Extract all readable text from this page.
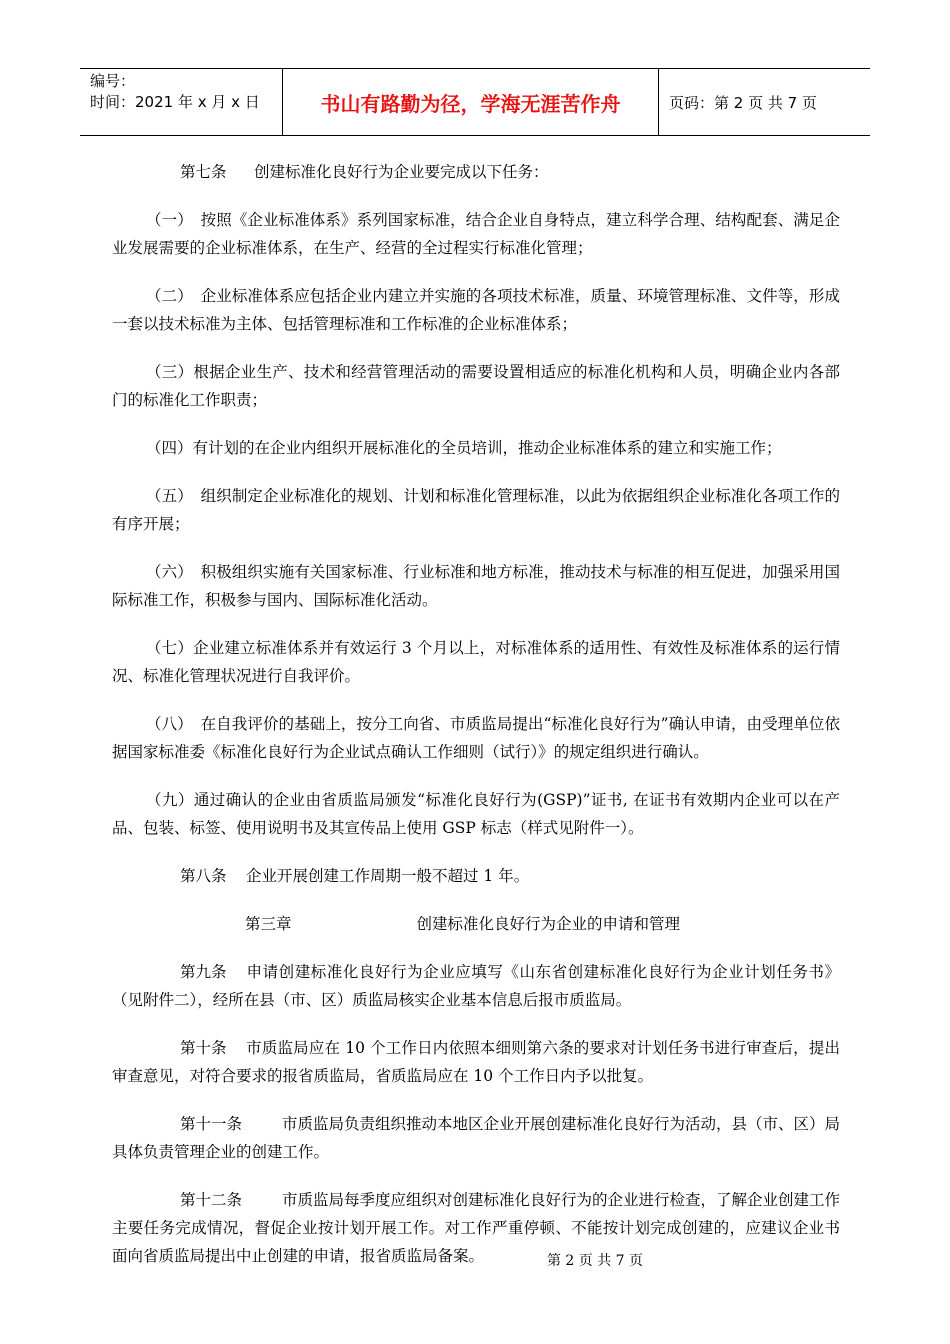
编号：
时间：2021 年 x 月 x 日	书山有路勤为径，学海无涯苦作舟	页码：第 2 页 共 7 页

第七条 创建标准化良好行为企业要完成以下任务：

（一）　按照《企业标准体系》系列国家标准，结合企业自身特点，建立科学合理、结构配套、满足企业发展需要的企业标准体系，在生产、经营的全过程实行标准化管理；

（二）　企业标准体系应包括企业内建立并实施的各项技术标准，质量、环境管理标准、文件等，形成一套以技术标准为主体、包括管理标准和工作标准的企业标准体系；

（三）根据企业生产、技术和经营管理活动的需要设置相适应的标准化机构和人员，明确企业内各部门的标准化工作职责；

（四）有计划的在企业内组织开展标准化的全员培训，推动企业标准体系的建立和实施工作；

（五）　组织制定企业标准化的规划、计划和标准化管理标准，以此为依据组织企业标准化各项工作的有序开展；

（六）　积极组织实施有关国家标准、行业标准和地方标准，推动技术与标准的相互促进，加强采用国际标准工作，积极参与国内、国际标准化活动。

（七）企业建立标准体系并有效运行 3 个月以上，对标准体系的适用性、有效性及标准体系的运行情况、标准化管理状况进行自我评价。

（八）　在自我评价的基础上，按分工向省、市质监局提出“标准化良好行为”确认申请，由受理单位依据国家标准委《标准化良好行为企业试点确认工作细则（试行）》的规定组织进行确认。

（九）通过确认的企业由省质监局颁发“标准化良好行为(GSP)”证书, 在证书有效期内企业可以在产品、包装、标签、使用说明书及其宣传品上使用 GSP 标志（样式见附件一）。

第八条 企业开展创建工作周期一般不超过 1 年。

第三章	创建标准化良好行为企业的申请和管理

第九条 申请创建标准化良好行为企业应填写《山东省创建标准化良好行为企业计划任务书》（见附件二），经所在县（市、区）质监局核实企业基本信息后报市质监局。

第十条 市质监局应在 10 个工作日内依照本细则第六条的要求对计划任务书进行审查后，提出审查意见，对符合要求的报省质监局，省质监局应在 10 个工作日内予以批复。

第十一条	市质监局负责组织推动本地区企业开展创建标准化良好行为活动，县（市、区）局具体负责管理企业的创建工作。

第十二条	市质监局每季度应组织对创建标准化良好行为的企业进行检查，了解企业创建工作主要任务完成情况，督促企业按计划开展工作。对工作严重停顿、不能按计划完成创建的，应建议企业书面向省质监局提出中止创建的申请，报省质监局备案。	第 2 页 共 7 页
